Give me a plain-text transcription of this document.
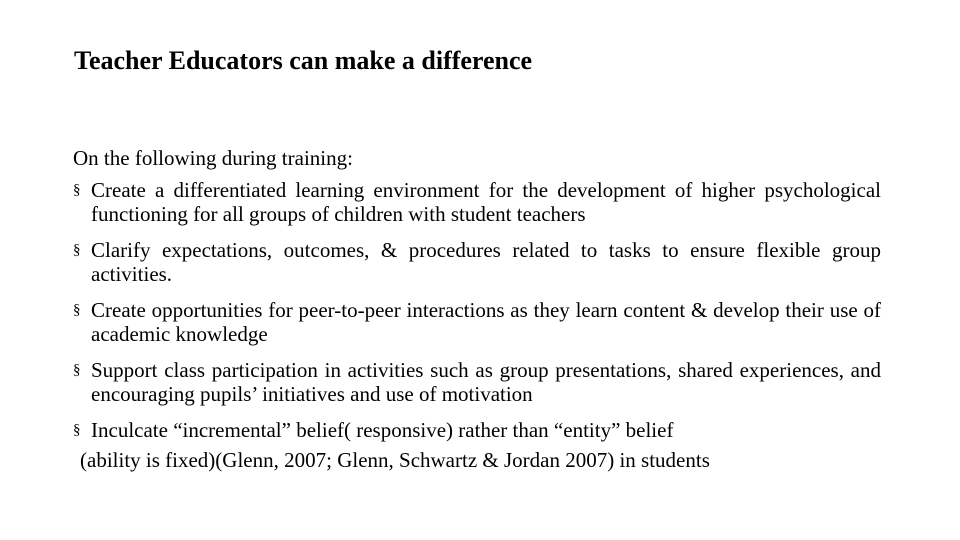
Teacher Educators can make a difference

On the following during training:

§ Create a differentiated learning environment for the development of higher psychological functioning for all groups of children with student teachers
§ Clarify expectations, outcomes, & procedures related to tasks to ensure flexible group activities.
§ Create opportunities for peer-to-peer interactions as they learn content & develop their use of academic knowledge
§ Support class participation in activities such as group presentations, shared experiences, and encouraging pupils’ initiatives and use of motivation
§ Inculcate “incremental” belief( responsive) rather than “entity” belief

(ability is fixed)(Glenn, 2007; Glenn, Schwartz & Jordan 2007) in students
